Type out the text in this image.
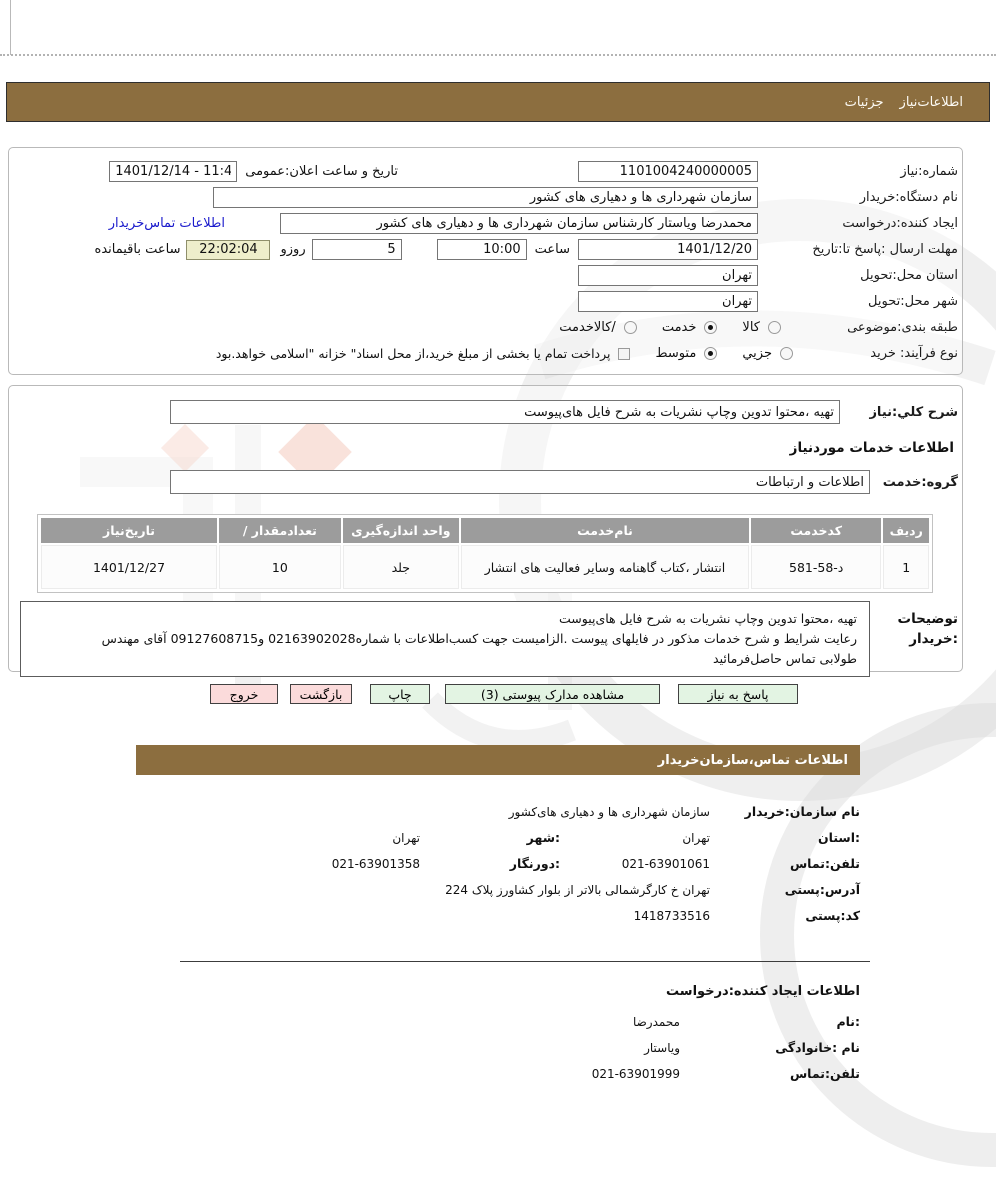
اطلاعات‌نیاز
جزئیات
شماره:نیاز
1101004240000005
تاریخ و ساعت اعلان:عمومی
1401/12/14 - 11:43
نام دستگاه:خریدار
سازمان شهرداری ها و دهیاری های کشور
ایجاد کننده:درخواست
محمدرضا ویاستار کارشناس سازمان شهرداری ها و دهیاری های کشور
اطلاعات تماس‌خریدار
مهلت ارسال :پاسخ تا:تاریخ
1401/12/20
ساعت
10:00
5
روزو
22:02:04
ساعت باقیمانده
استان محل:تحویل
تهران
شهر محل:تحویل
تهران
طبقه بندی:موضوعی
کالا
خدمت
/کالاخدمت
نوع فرآیند: خرید
جزيي
متوسط
پرداخت تمام یا بخشی از مبلغ خرید،از محل اسناد" خزانه "اسلامی خواهد.بود
شرح کلي:نیاز
تهیه ،محتوا تدوین وچاپ نشریات به شرح فایل های‌پیوست
اطلاعات خدمات موردنیاز
گروه:خدمت
اطلاعات و ارتباطات
ردیف	کدخدمت	نام‌خدمت	واحد اندازه‌گیری	تعدادمقدار /	تاریخ‌نیاز
1	د-58-581	انتشار ،کتاب گاهنامه وسایر فعالیت های انتشار	جلد	10	1401/12/27
توضیحات
:خریدار
تهیه ،محتوا تدوین وچاپ نشریات به شرح فایل های‌پیوست
رعایت شرایط و شرح خدمات مذکور در فایلهای پیوست .الزامیست جهت کسب‌اطلاعات با شماره02163902028 و09127608715 آقای مهندس
طولابی تماس حاصل‌فرمائید
پاسخ به نیاز
مشاهده مدارک پیوستی (3)
چاپ
بازگشت
خروج
اطلاعات تماس،سازمان‌خریدار
نام سازمان:خریدار
سازمان شهرداری ها و دهیاری های‌کشور
:استان
تهران
:شهر
تهران
تلفن:تماس
021-63901061
:دورنگار
021-63901358
آدرس:پستی
تهران خ کارگرشمالی بالاتر از بلوار کشاورز پلاک 224
کد:پستی
1418733516
اطلاعات ایجاد کننده:درخواست
:نام
محمدرضا
نام :خانوادگی
ویاستار
تلفن:تماس
021-63901999
